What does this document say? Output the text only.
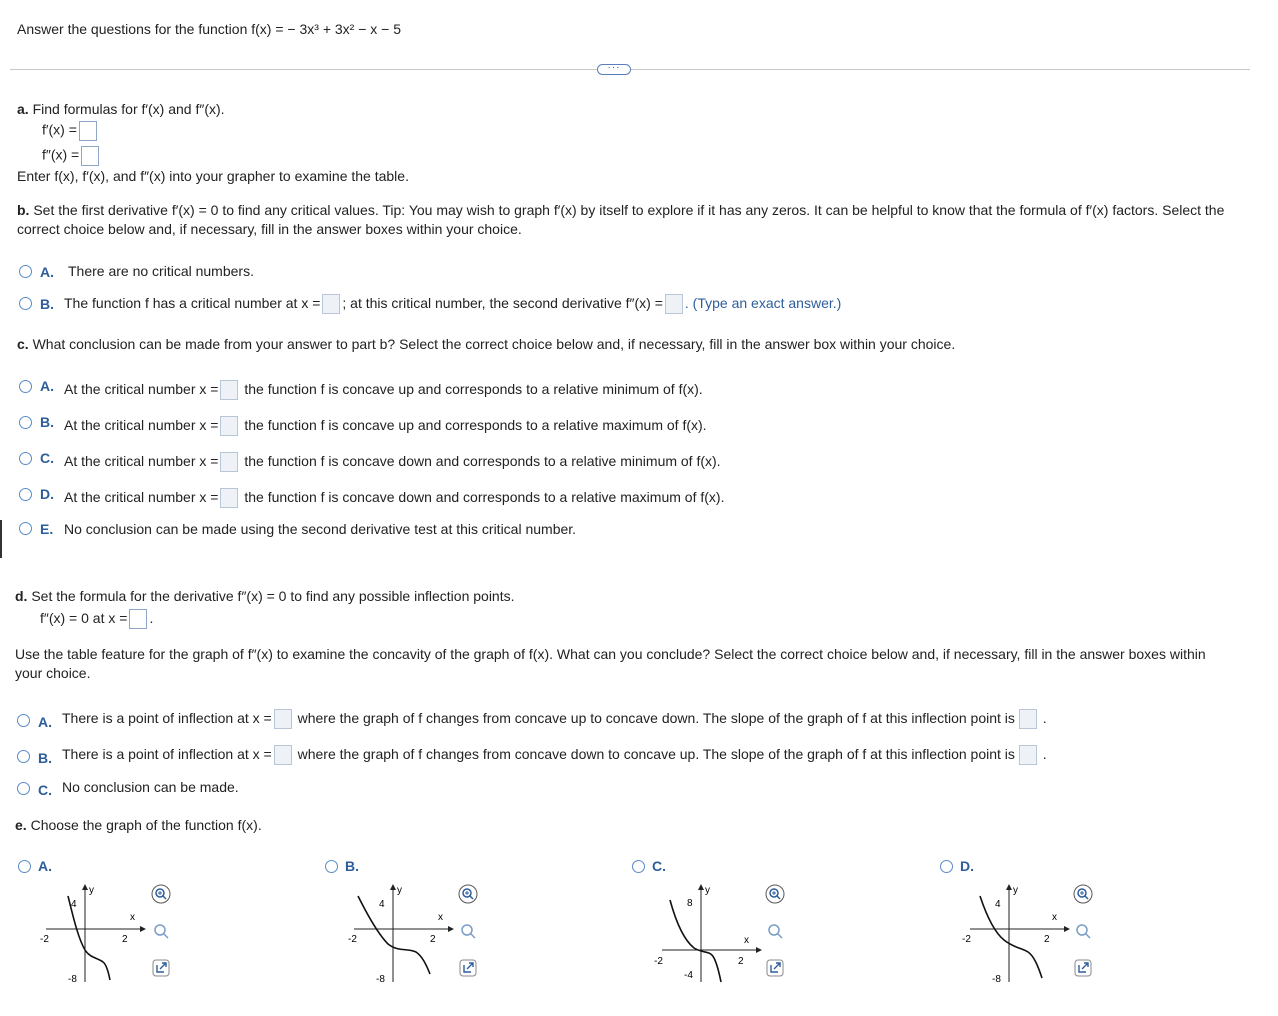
Answer the questions for the function f(x) = − 3x³ + 3x² − x − 5
···
a. Find formulas for f′(x) and f″(x).
f′(x) =
f″(x) =
Enter f(x), f′(x), and f″(x) into your grapher to examine the table.
b. Set the first derivative f′(x) = 0 to find any critical values. Tip: You may wish to graph f′(x) by itself to explore if it has any zeros. It can be helpful to know that the formula of f′(x) factors. Select the
correct choice below and, if necessary, fill in the answer boxes within your choice.
A. There are no critical numbers.
B. The function f has a critical number at x = ; at this critical number, the second derivative f″(x) = . (Type an exact answer.)
c. What conclusion can be made from your answer to part b? Select the correct choice below and, if necessary, fill in the answer box within your choice.
A. At the critical number x = the function f is concave up and corresponds to a relative minimum of f(x).
B. At the critical number x = the function f is concave up and corresponds to a relative maximum of f(x).
C. At the critical number x = the function f is concave down and corresponds to a relative minimum of f(x).
D. At the critical number x = the function f is concave down and corresponds to a relative maximum of f(x).
E. No conclusion can be made using the second derivative test at this critical number.
d. Set the formula for the derivative f″(x) = 0 to find any possible inflection points.
f″(x) = 0 at x = .
Use the table feature for the graph of f″(x) to examine the concavity of the graph of f(x). What can you conclude? Select the correct choice below and, if necessary, fill in the answer boxes within
your choice.
A. There is a point of inflection at x = where the graph of f changes from concave up to concave down. The slope of the graph of f at this inflection point is .
B. There is a point of inflection at x = where the graph of f changes from concave down to concave up. The slope of the graph of f at this inflection point is .
C. No conclusion can be made.
e. Choose the graph of the function f(x).
A.
y
x
4
-8
-2	2
B.
y
x
4
-8
-2	2
C.
y
x
8
-4
-2	2
D.
y
x
4
-8
-2	2
